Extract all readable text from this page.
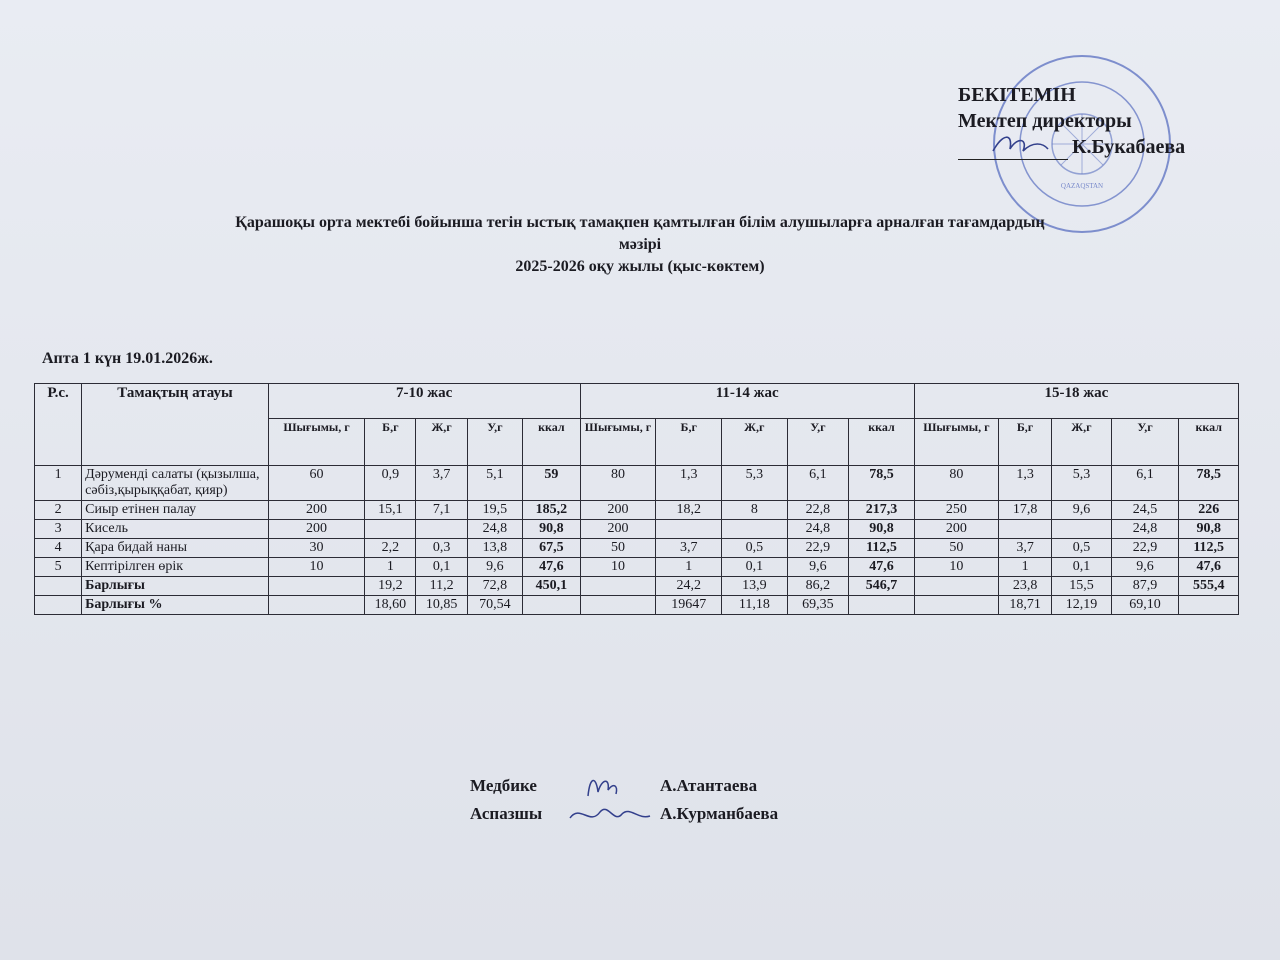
QAZAQSTAN
БЕКІТЕМІН
Мектеп директоры
К.Букабаева
Қарашоқы орта мектебі бойынша тегін ыстық тамақпен қамтылған білім алушыларға арналған тағамдардың
мәзірі
2025-2026 оқу жылы (қыс-көктем)
Апта 1 күн 19.01.2026ж.
Р.с.	Тамақтың атауы	7-10 жас					11-14 жас					15-18 жас				
		Шығымы, г	Б,г	Ж,г	У,г	ккал	Шығымы, г	Б,г	Ж,г	У,г	ккал	Шығымы, г	Б,г	Ж,г	У,г	ккал
1	Дәруменді салаты (қызылша, сәбіз,қырыққабат, қияр)	60	0,9	3,7	5,1	59	80	1,3	5,3	6,1	78,5	80	1,3	5,3	6,1	78,5
2	Сиыр етінен палау	200	15,1	7,1	19,5	185,2	200	18,2	8	22,8	217,3	250	17,8	9,6	24,5	226
3	Кисель	200			24,8	90,8	200			24,8	90,8	200			24,8	90,8
4	Қара бидай наны	30	2,2	0,3	13,8	67,5	50	3,7	0,5	22,9	112,5	50	3,7	0,5	22,9	112,5
5	Кептірілген өрік	10	1	0,1	9,6	47,6	10	1	0,1	9,6	47,6	10	1	0,1	9,6	47,6
	Барлығы		19,2	11,2	72,8	450,1		24,2	13,9	86,2	546,7		23,8	15,5	87,9	555,4
	Барлығы %		18,60	10,85	70,54			19647	11,18	69,35			18,71	12,19	69,10	
Медбике	А.Атантаева
Аспазшы	А.Курманбаева
